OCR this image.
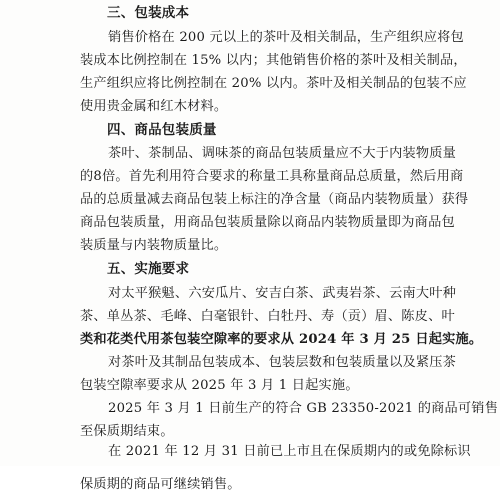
三、包装成本
销售价格在 200 元以上的茶叶及相关制品，生产组织应将包
装成本比例控制在 15% 以内；其他销售价格的茶叶及相关制品，
生产组织应将比例控制在 20% 以内。茶叶及相关制品的包装不应
使用贵金属和红木材料。
四、商品包装质量
茶叶、茶制品、调味茶的商品包装质量应不大于内装物质量
的8倍。首先利用符合要求的称量工具称量商品总质量，然后用商
品的总质量减去商品包装上标注的净含量（商品内装物质量）获得
商品包装质量，用商品包装质量除以商品内装物质量即为商品包
装质量与内装物质量比。
五、实施要求
对太平猴魁、六安瓜片、安吉白茶、武夷岩茶、云南大叶种
茶、单丛茶、毛峰、白毫银针、白牡丹、寿（贡）眉、陈皮、叶
类和花类代用茶包装空隙率的要求从 2024 年 3 月 25 日起实施。
对茶叶及其制品包装成本、包装层数和包装质量以及紧压茶
包装空隙率要求从 2025 年 3 月 1 日起实施。
2025 年 3 月 1 日前生产的符合 GB 23350-2021 的商品可销售
至保质期结束。
在 2021 年 12 月 31 日前已上市且在保质期内的或免除标识
保质期的商品可继续销售。
